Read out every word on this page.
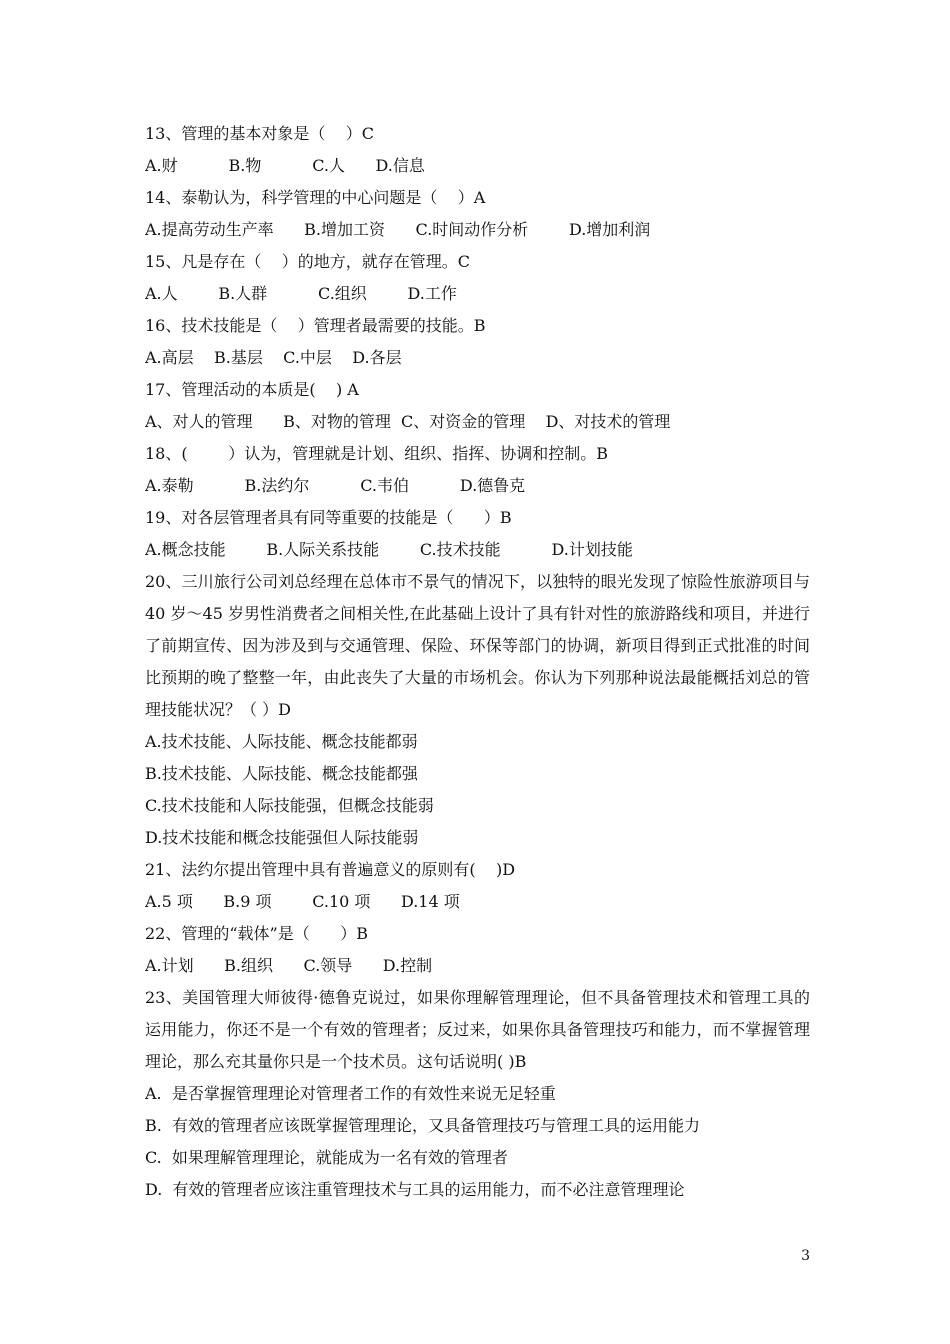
13、管理的基本对象是（    ）C
A.财          B.物          C.人      D.信息
14、泰勒认为，科学管理的中心问题是（    ）A
A.提高劳动生产率      B.增加工资      C.时间动作分析        D.增加利润
15、凡是存在（    ）的地方，就存在管理。C
A.人        B.人群          C.组织        D.工作
16、技术技能是（    ）管理者最需要的技能。B
A.高层    B.基层    C.中层    D.各层
17、管理活动的本质是(    ) A
A、对人的管理      B、对物的管理  C、对资金的管理    D、对技术的管理
18、(        ）认为，管理就是计划、组织、指挥、协调和控制。B
A.泰勒          B.法约尔          C.韦伯          D.德鲁克
19、对各层管理者具有同等重要的技能是（      ）B
A.概念技能        B.人际关系技能        C.技术技能          D.计划技能
20、三川旅行公司刘总经理在总体市不景气的情况下，以独特的眼光发现了惊险性旅游项目与 40 岁～45 岁男性消费者之间相关性,在此基础上设计了具有针对性的旅游路线和项目，并进行了前期宣传、因为涉及到与交通管理、保险、环保等部门的协调，新项目得到正式批准的时间比预期的晚了整整一年，由此丧失了大量的市场机会。你认为下列那种说法最能概括刘总的管理技能状况？（ ）D
A.技术技能、人际技能、概念技能都弱
B.技术技能、人际技能、概念技能都强
C.技术技能和人际技能强，但概念技能弱
D.技术技能和概念技能强但人际技能弱
21、法约尔提出管理中具有普遍意义的原则有(    )D
A.5 项      B.9 项        C.10 项      D.14 项
22、管理的“载体”是（      ）B
A.计划      B.组织      C.领导      D.控制
23、美国管理大师彼得·德鲁克说过，如果你理解管理理论，但不具备管理技术和管理工具的运用能力，你还不是一个有效的管理者；反过来，如果你具备管理技巧和能力，而不掌握管理理论，那么充其量你只是一个技术员。这句话说明( )B
A.  是否掌握管理理论对管理者工作的有效性来说无足轻重
B.  有效的管理者应该既掌握管理理论，又具备管理技巧与管理工具的运用能力
C.  如果理解管理理论，就能成为一名有效的管理者
D.  有效的管理者应该注重管理技术与工具的运用能力，而不必注意管理理论
3
